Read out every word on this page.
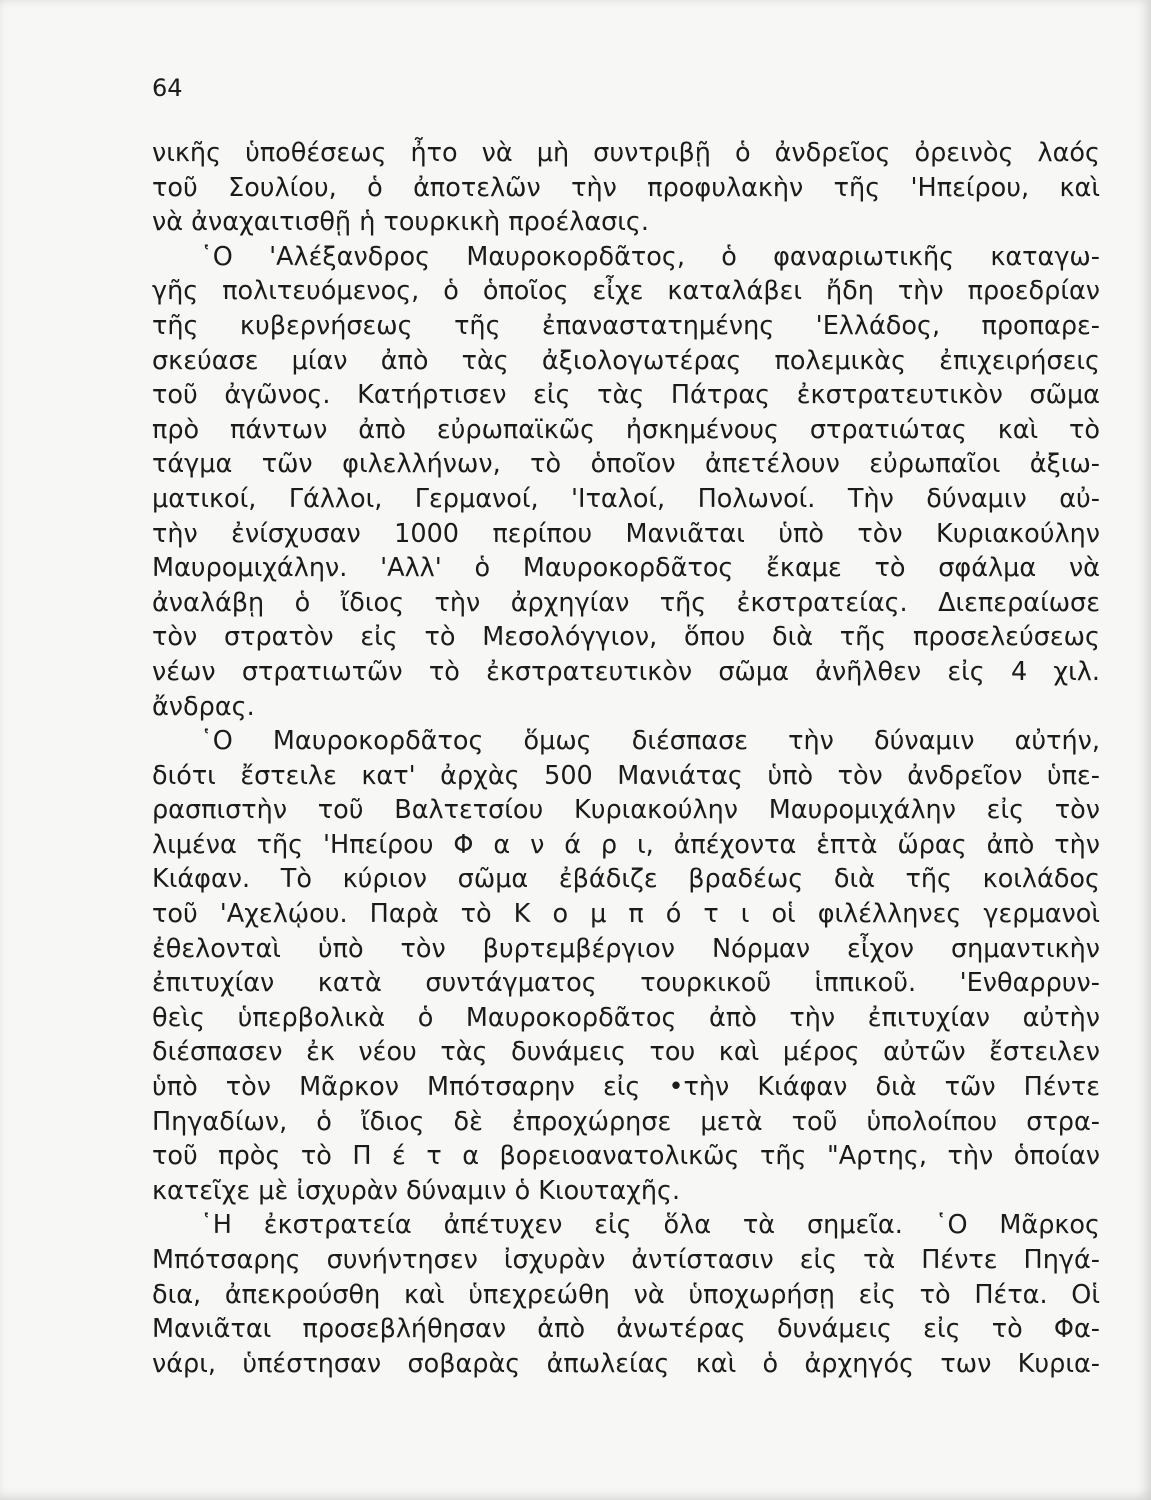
64
νικῆς ὑποθέσεως ἦτο νὰ μὴ συντριβῇ ὁ ἀνδρεῖος ὀρεινὸς λαός
τοῦ Σουλίου, ὁ ἀποτελῶν τὴν προφυλακὴν τῆς 'Ηπείρου, καὶ
νὰ ἀναχαιτισθῇ ἡ τουρκικὴ προέλασις.
῾Ο 'Αλέξανδρος Μαυροκορδᾶτος, ὁ φαναριωτικῆς καταγω-
γῆς πολιτευόμενος, ὁ ὁποῖος εἶχε καταλάβει ἤδη τὴν προεδρίαν
τῆς κυβερνήσεως τῆς ἐπαναστατημένης 'Ελλάδος, προπαρε-
σκεύασε μίαν ἀπὸ τὰς ἀξιολογωτέρας πολεμικὰς ἐπιχειρήσεις
τοῦ ἀγῶνος. Κατήρτισεν εἰς τὰς Πάτρας ἐκστρατευτικὸν σῶμα
πρὸ πάντων ἀπὸ εὐρωπαϊκῶς ἠσκημένους στρατιώτας καὶ τὸ
τάγμα τῶν φιλελλήνων, τὸ ὁποῖον ἀπετέλουν εὐρωπαῖοι ἀξιω-
ματικοί, Γάλλοι, Γερμανοί, 'Ιταλοί, Πολωνοί. Τὴν δύναμιν αὐ-
τὴν ἐνίσχυσαν 1000 περίπου Μανιᾶται ὑπὸ τὸν Κυριακούλην
Μαυρομιχάλην. 'Αλλ' ὁ Μαυροκορδᾶτος ἔκαμε τὸ σφάλμα νὰ
ἀναλάβῃ ὁ ἴδιος τὴν ἀρχηγίαν τῆς ἐκστρατείας. Διεπεραίωσε
τὸν στρατὸν εἰς τὸ Μεσολόγγιον, ὅπου διὰ τῆς προσελεύσεως
νέων στρατιωτῶν τὸ ἐκστρατευτικὸν σῶμα ἀνῆλθεν εἰς 4 χιλ.
ἄνδρας.
῾Ο Μαυροκορδᾶτος ὅμως διέσπασε τὴν δύναμιν αὐτήν,
διότι ἔστειλε κατ' ἀρχὰς 500 Μανιάτας ὑπὸ τὸν ἀνδρεῖον ὑπε-
ρασπιστὴν τοῦ Βαλτετσίου Κυριακούλην Μαυρομιχάλην εἰς τὸν
λιμένα τῆς 'Ηπείρου Φ α ν ά ρ ι, ἀπέχοντα ἑπτὰ ὥρας ἀπὸ τὴν
Κιάφαν. Τὸ κύριον σῶμα ἐβάδιζε βραδέως διὰ τῆς κοιλάδος
τοῦ 'Αχελῴου. Παρὰ τὸ Κ ο μ π ό τ ι οἱ φιλέλληνες γερμανοὶ
ἐθελονταὶ ὑπὸ τὸν βυρτεμβέργιον Νόρμαν εἶχον σημαντικὴν
ἐπιτυχίαν κατὰ συντάγματος τουρκικοῦ ἱππικοῦ. 'Ενθαρρυν-
θεὶς ὑπερβολικὰ ὁ Μαυροκορδᾶτος ἀπὸ τὴν ἐπιτυχίαν αὐτὴν
διέσπασεν ἐκ νέου τὰς δυνάμεις του καὶ μέρος αὐτῶν ἔστειλεν
ὑπὸ τὸν Μᾶρκον Μπότσαρην εἰς •τὴν Κιάφαν διὰ τῶν Πέντε
Πηγαδίων, ὁ ἴδιος δὲ ἐπροχώρησε μετὰ τοῦ ὑπολοίπου στρα-
τοῦ πρὸς τὸ Π έ τ α βορειοανατολικῶς τῆς "Αρτης, τὴν ὁποίαν
κατεῖχε μὲ ἰσχυρὰν δύναμιν ὁ Κιουταχῆς.
῾Η ἐκστρατεία ἀπέτυχεν εἰς ὅλα τὰ σημεῖα. ῾Ο Μᾶρκος
Μπότσαρης συνήντησεν ἰσχυρὰν ἀντίστασιν εἰς τὰ Πέντε Πηγά-
δια, ἀπεκρούσθη καὶ ὑπεχρεώθη νὰ ὑποχωρήσῃ εἰς τὸ Πέτα. Οἱ
Μανιᾶται προσεβλήθησαν ἀπὸ ἀνωτέρας δυνάμεις εἰς τὸ Φα-
νάρι, ὑπέστησαν σοβαρὰς ἀπωλείας καὶ ὁ ἀρχηγός των Κυρια-
